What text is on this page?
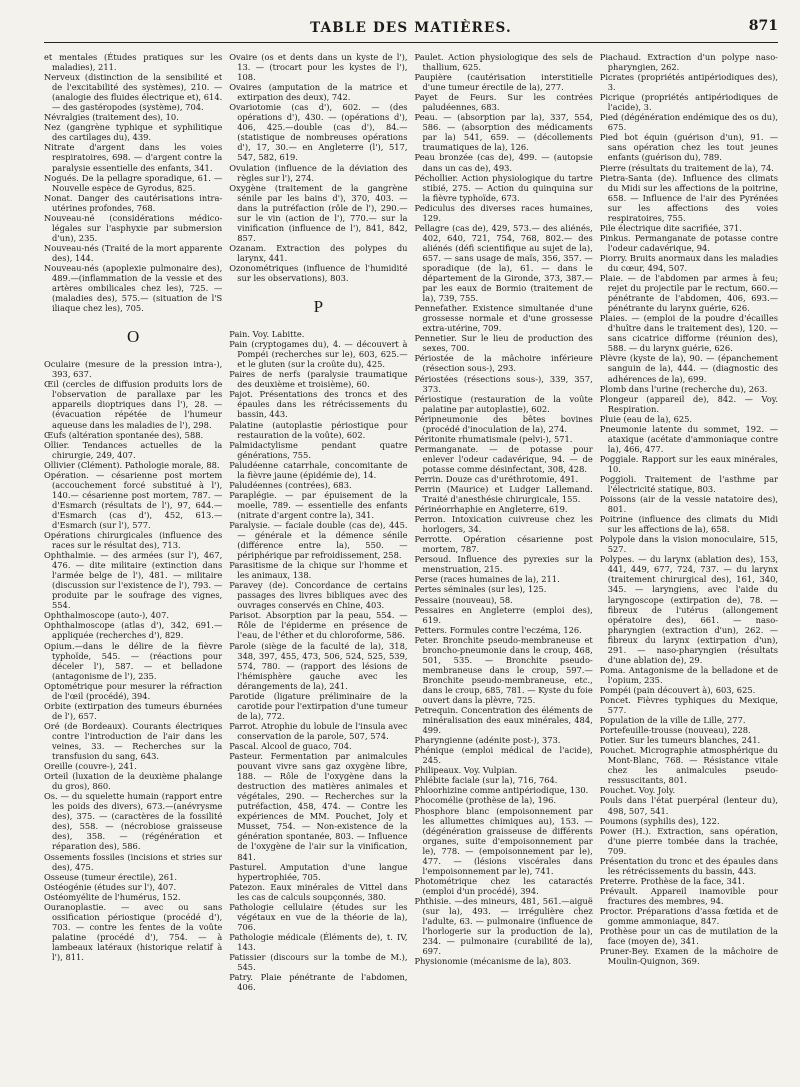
TABLE DES MATIÈRES.	871

et mentales (Études pratiques sur les maladies), 211.

Nerveux (distinction de la sensibilité et de l'excitabilité des systèmes), 210. — (analogie des fluides électrique et), 614. — des gastéropodes (système), 704.

Névralgies (traitement des), 10.

Nez (gangrène typhique et syphilitique des cartilages du), 439.

Nitrate d'argent dans les voies respiratoires, 698. — d'argent contre la paralysie essentielle des enfants, 341.

Nogués. De la pellagre sporadique, 61. — Nouvelle espèce de Gyrodus, 825.

Nonat. Danger des cautérisations intra-utérines profondes, 768.

Nouveau-né (considérations médico-légales sur l'asphyxie par submersion d'un), 235.

Nouveau-nés (Traité de la mort apparente des), 144.

Nouveau-nés (apoplexie pulmonaire des), 489.—(inflammation de la vessie et des artères ombilicales chez les), 725. — (maladies des), 575.— (situation de l'S iliaque chez les), 705.

O

Oculaire (mesure de la pression intra-), 393, 637.

Œil (cercles de diffusion produits lors de l'observation de parallaxe par les appareils dioptriques dans l'), 28. — (évacuation répétée de l'humeur aqueuse dans les maladies de l'), 298.

Œufs (altération spontanée des), 588.

Ollier. Tendances actuelles de la chirurgie, 249, 407.

Ollivier (Clément). Pathologie morale, 88.

Opération. — césarienne post mortem (accouchement forcé substitué à l'), 140.— césarienne post mortem, 787. — d'Esmarch (résultats de l'), 97, 644.—d'Esmarch (cas d'), 452, 613.—d'Esmarch (sur l'), 577.

Opérations chirurgicales (influence des races sur le résultat des), 713.

Ophthalmie. — des armées (sur l'), 467, 476. — dite militaire (extinction dans l'armée belge de l'), 481. — militaire (discussion sur l'existence de l'), 793. — produite par le soufrage des vignes, 554.

Ophthalmoscope (auto-), 407.

Ophthalmoscope (atlas d'), 342, 691.— appliquée (recherches d'), 829.

Opium.—dans le délire de la fièvre typhoïde, 545. — (réactions pour déceler l'), 587. — et belladone (antagonisme de l'), 235.

Optométrique pour mesurer la réfraction de l'œil (procédé), 394.

Orbite (extirpation des tumeurs éburnées de l'), 657.

Oré (de Bordeaux). Courants électriques contre l'introduction de l'air dans les veines, 33. — Recherches sur la transfusion du sang, 643.

Oreille (couvre-), 241.

Orteil (luxation de la deuxième phalange du gros), 860.

Os. — du squelette humain (rapport entre les poids des divers), 673.—(anévrysme des), 375. — (caractères de la fossilité des), 558. — (nécrobiose graisseuse des), 358. — (régénération et réparation des), 586.

Ossements fossiles (incisions et stries sur des), 475.

Osseuse (tumeur érectile), 261.

Ostéogénie (études sur l'), 407.

Ostéomyélite de l'humérus, 152.

Ouranoplastie. — avec ou sans ossification périostique (procédé d'), 703. — contre les fentes de la voûte palatine (procédé d'), 754. — à lambeaux latéraux (historique relatif à l'), 811.

Ovaire (os et dents dans un kyste de l'), 13. — (trocart pour les kystes de l'), 108.

Ovaires (amputation de la matrice et extirpation des deux), 742.

Ovariotomie (cas d'), 602. — (des opérations d'), 430. — (opérations d'), 406, 425.—double (cas d'), 84.—(statistique de nombreuses opérations d'), 17, 30.— en Angleterre (l'), 517, 547, 582, 619.

Ovulation (influence de la déviation des règles sur l'), 274.

Oxygène (traitement de la gangrène sénile par les bains d'), 370, 403. — dans la putréfaction (rôle de l'), 290.— sur le vin (action de l'), 770.— sur la vinification (influence de l'), 841, 842, 857.

Ozanam. Extraction des polypes du larynx, 441.

Ozonométriques (influence de l'humidité sur les observations), 803.

P

Pain. Voy. Labitte.

Pain (cryptogames du), 4. — découvert à Pompéi (recherches sur le), 603, 625.— et le gluten (sur la croûte du), 425.

Paires de nerfs (paralysie traumatique des deuxième et troisième), 60.

Pajot. Présentations des troncs et des épaules dans les rétrécissements du bassin, 443.

Palatine (autoplastie périostique pour restauration de la voûte), 602.

Palmidactylisme pendant quatre générations, 755.

Paludéenne catarrhale, concomitante de la fièvre jaune (épidémie de), 14.

Paludéennes (contrées), 683.

Paraplégie. — par épuisement de la moelle, 789. — essentielle des enfants (nitrate d'argent contre la), 341.

Paralysie. — faciale double (cas de), 445.— générale et la démence sénile (différence entre la), 550. — périphérique par refroidissement, 258.

Parasitisme de la chique sur l'homme et les animaux, 138.

Paravey (de). Concordance de certains passages des livres bibliques avec des ouvrages conservés en Chine, 403.

Parisot. Absorption par la peau, 554. — Rôle de l'épiderme en présence de l'eau, de l'éther et du chloroforme, 586.

Parole (siège de la faculté de la), 318, 348, 397, 455, 473, 506, 524, 525, 539, 574, 780. — (rapport des lésions de l'hémisphère gauche avec les dérangements de la), 241.

Parotide (ligature préliminaire de la carotide pour l'extirpation d'une tumeur de la), 772.

Parrot. Atrophie du lobule de l'insula avec conservation de la parole, 507, 574.

Pascal. Alcool de guaco, 704.

Pasteur. Fermentation par animalcules pouvant vivre sans gaz oxygène libre, 188. — Rôle de l'oxygène dans la destruction des matières animales et végétales, 290. — Recherches sur la putréfaction, 458, 474. — Contre les expériences de MM. Pouchet, Joly et Musset, 754. — Non-existence de la génération spontanée, 803. — Influence de l'oxygène de l'air sur la vinification, 841.

Pasturel. Amputation d'une langue hypertrophiée, 705.

Patezon. Eaux minérales de Vittel dans les cas de calculs soupçonnés, 380.

Pathologie cellulaire (études sur les végétaux en vue de la théorie de la), 706.

Pathologie médicale (Éléments de), t. IV, 143.

Patissier (discours sur la tombe de M.), 545.

Patry. Plaie pénétrante de l'abdomen, 406.

Paulet. Action physiologique des sels de thallium, 625.

Paupière (cautérisation interstitielle d'une tumeur érectile de la), 277.

Payet de Feurs. Sur les contrées paludéennes, 683.

Peau. — (absorption par la), 337, 554, 586. — (absorption des médicaments par la) 541, 659. — (décollements traumatiques de la), 126.

Peau bronzée (cas de), 499. — (autopsie dans un cas de), 493.

Péchollier. Action physiologique du tartre stibié, 275. — Action du quinquina sur la fièvre typhoïde, 673.

Pediculus des diverses races humaines, 129.

Pellagre (cas de), 429, 573.— des aliénés, 402, 640, 721, 754, 768, 802.— des aliénés (défi scientifique au sujet de la), 657. — sans usage de maïs, 356, 357. — sporadique (de la), 61. — dans le département de la Gironde, 373, 387.— par les eaux de Bormio (traitement de la), 739, 755.

Pennefather. Existence simultanée d'une grossesse normale et d'une grossesse extra-utérine, 709.

Pennetier. Sur le lieu de production des sexes, 700.

Périostée de la mâchoire inférieure (résection sous-), 293.

Périostées (résections sous-), 339, 357, 373.

Périostique (restauration de la voûte palatine par autoplastie), 602.

Péripneumonie des bêtes bovines (procédé d'inoculation de la), 274.

Péritonite rhumatismale (pelvi-), 571.

Permanganate. — de potasse pour enlever l'odeur cadavérique, 94. — de potasse comme désinfectant, 308, 428.

Perrin. Douze cas d'uréthrotomie, 491.

Perrin (Maurice) et Ludger Lallemand. Traité d'anesthésie chirurgicale, 155.

Périnéorrhaphie en Angleterre, 619.

Perron. Intoxication cuivreuse chez les horlogers, 34.

Perrotte. Opération césarienne post mortem, 787.

Persoud. Influence des pyrexies sur la menstruation, 215.

Perse (races humaines de la), 211.

Pertes séminales (sur les), 125.

Pessaire (nouveau), 58.

Pessaires en Angleterre (emploi des), 619.

Petters. Formules contre l'eczéma, 126.

Peter. Bronchite pseudo-membraneuse et broncho-pneumonie dans le croup, 468, 501, 535. — Bronchite pseudo-membraneuse dans le croup, 597.— Bronchite pseudo-membraneuse, etc., dans le croup, 685, 781. — Kyste du foie ouvert dans la plèvre, 725.

Petrequin. Concentration des éléments de minéralisation des eaux minérales, 484, 499.

Pharyngienne (adénite post-), 373.

Phénique (emploi médical de l'acide), 245.

Philipeaux. Voy. Vulpian.

Phlébite faciale (sur la), 716, 764.

Phloorhizine comme antipériodique, 130.

Phocomélie (prothèse de la), 196.

Phosphore blanc (empoisonnement par les allumettes chimiques au), 153. — (dégénération graisseuse de différents organes, suite d'empoisonnement par le), 778. — (empoisonnement par le), 477. — (lésions viscérales dans l'empoisonnement par le), 741.

Photométrique chez les cataractés (emploi d'un procédé), 394.

Phthisie. —des mineurs, 481, 561.—aiguë (sur la), 493. — irrégulière chez l'adulte, 63. — pulmonaire (influence de l'horlogerie sur la production de la), 234. — pulmonaire (curabilité de la), 697.

Physionomie (mécanisme de la), 803.

Piachaud. Extraction d'un polype naso-pharyngien, 262.

Picrates (propriétés antipériodiques des), 3.

Picrique (propriétés antipériodiques de l'acide), 3.

Pied (dégénération endémique des os du), 675.

Pied bot équin (guérison d'un), 91. — sans opération chez les tout jeunes enfants (guérison du), 789.

Pierre (résultats du traitement de la), 74.

Pietra-Santa (de). Influence des climats du Midi sur les affections de la poitrine, 658. — Influence de l'air des Pyrénées sur les affections des voies respiratoires, 755.

Pile électrique dite sacrifiée, 371.

Pinkus. Permanganate de potasse contre l'odeur cadavérique, 94.

Piorry. Bruits anormaux dans les maladies du cœur, 494, 507.

Plaie. — de l'abdomen par armes à feu; rejet du projectile par le rectum, 660.— pénétrante de l'abdomen, 406, 693.— pénétrante du larynx guérie, 626.

Plaies. — (emploi de la poudre d'écailles d'huître dans le traitement des), 120. — sans cicatrice difforme (réunion des), 588. — du larynx guérie, 626.

Plèvre (kyste de la), 90. — (épanchement sanguin de la), 444. — (diagnostic des adhérences de la), 699.

Plomb dans l'urine (recherche du), 263.

Plongeur (appareil de), 842. — Voy. Respiration.

Pluie (eau de la), 625.

Pneumonie latente du sommet, 192. — ataxique (acétate d'ammoniaque contre la), 466, 477.

Poggiale. Rapport sur les eaux minérales, 10.

Poggioli. Traitement de l'asthme par l'électricité statique, 803.

Poissons (air de la vessie natatoire des), 801.

Poitrine (influence des climats du Midi sur les affections de la), 658.

Polypole dans la vision monoculaire, 515, 527.

Polypes. — du larynx (ablation des), 153, 441, 449, 677, 724, 737. — du larynx (traitement chirurgical des), 161, 340, 345. — laryngiens, avec l'aide du laryngoscope (extirpation de), 78. — fibreux de l'utérus (allongement opératoire des), 661. — naso-pharyngien (extraction d'un), 262. — fibreux du larynx (extirpation d'un), 291. — naso-pharyngien (résultats d'une ablation de), 29.

Poma. Antagonisme de la belladone et de l'opium, 235.

Pompéi (pain découvert à), 603, 625.

Poncet. Fièvres typhiques du Mexique, 577.

Population de la ville de Lille, 277.

Portefeuille-trousse (nouveau), 228.

Potier. Sur les tumeurs blanches, 241.

Pouchet. Micrographie atmosphérique du Mont-Blanc, 768. — Résistance vitale chez les animalcules pseudo-ressuscitants, 801.

Pouchet. Voy. Joly.

Pouls dans l'état puerpéral (lenteur du), 498, 507, 541.

Poumons (syphilis des), 122.

Power (H.). Extraction, sans opération, d'une pierre tombée dans la trachée, 709.

Présentation du tronc et des épaules dans les rétrécissements du bassin, 443.

Preterre. Prothèse de la face, 341.

Prévault. Appareil inamovible pour fractures des membres, 94.

Proctor. Préparations d'assa fœtida et de gomme ammoniaque, 847.

Prothèse pour un cas de mutilation de la face (moyen de), 341.

Pruner-Bey. Examen de la mâchoire de Moulin-Quignon, 369.
